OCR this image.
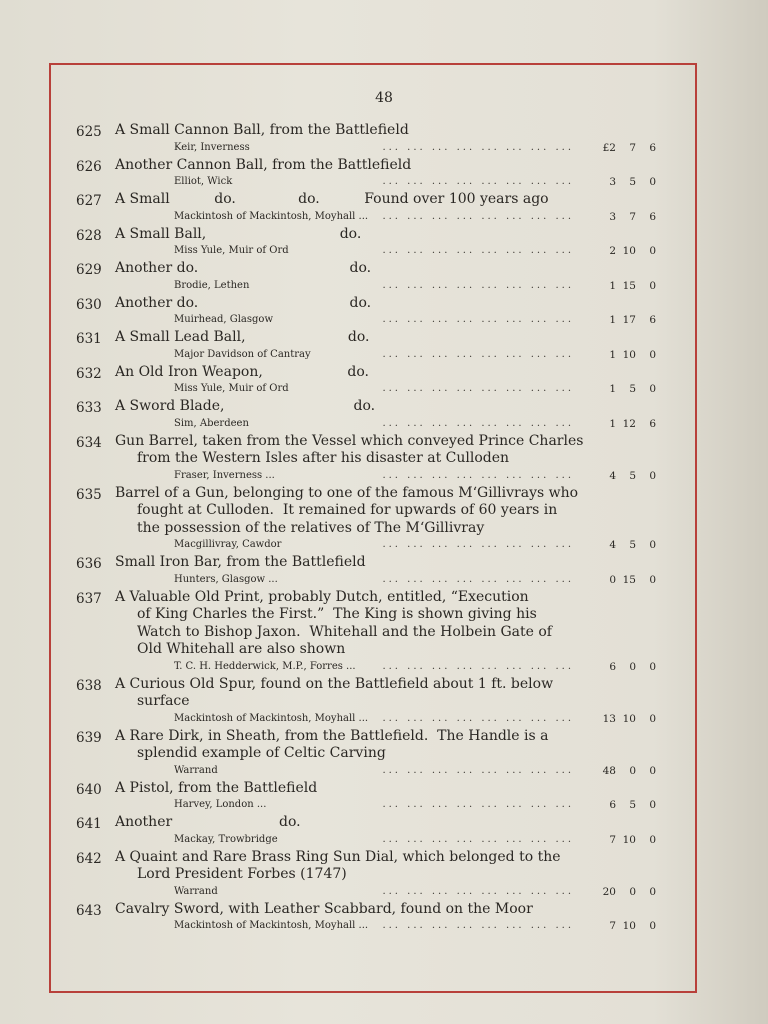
48
625 A Small Cannon Ball, from the Battlefield
Keir, Inverness	... ... ... ... ... ... ... ...	£2 7 6
626 Another Cannon Ball, from the Battlefield
Elliot, Wick	... ... ... ... ... ... ... ...	3 5 0
627 A Small          do.              do.          Found over 100 years ago
Mackintosh of Mackintosh, Moyhall ...	... ... ... ... ... ... ... ...	3 7 6
628 A Small Ball,                              do.
Miss Yule, Muir of Ord	... ... ... ... ... ... ... ...	2 10 0
629 Another do.                                  do.
Brodie, Lethen	... ... ... ... ... ... ... ...	1 15 0
630 Another do.                                  do.
Muirhead, Glasgow	... ... ... ... ... ... ... ...	1 17 6
631 A Small Lead Ball,                       do.
Major Davidson of Cantray	... ... ... ... ... ... ... ...	1 10 0
632 An Old Iron Weapon,                   do.
Miss Yule, Muir of Ord	... ... ... ... ... ... ... ...	1 5 0
633 A Sword Blade,                             do.
Sim, Aberdeen	... ... ... ... ... ... ... ...	1 12 6
634 Gun Barrel, taken from the Vessel which conveyed Prince Charles
from the Western Isles after his disaster at Culloden
Fraser, Inverness ...	... ... ... ... ... ... ... ...	4 5 0
635 Barrel of a Gun, belonging to one of the famous M‘Gillivrays who
fought at Culloden.  It remained for upwards of 60 years in
the possession of the relatives of The M‘Gillivray
Macgillivray, Cawdor	... ... ... ... ... ... ... ...	4 5 0
636 Small Iron Bar, from the Battlefield
Hunters, Glasgow ...	... ... ... ... ... ... ... ...	0 15 0
637 A Valuable Old Print, probably Dutch, entitled, “Execution
of King Charles the First.”  The King is shown giving his
Watch to Bishop Jaxon.  Whitehall and the Holbein Gate of
Old Whitehall are also shown
T. C. H. Hedderwick, M.P., Forres ...	... ... ... ... ... ... ... ...	6 0 0
638 A Curious Old Spur, found on the Battlefield about 1 ft. below
surface
Mackintosh of Mackintosh, Moyhall ...	... ... ... ... ... ... ... ...	13 10 0
639 A Rare Dirk, in Sheath, from the Battlefield.  The Handle is a
splendid example of Celtic Carving
Warrand	... ... ... ... ... ... ... ...	48 0 0
640 A Pistol, from the Battlefield
Harvey, London ...	... ... ... ... ... ... ... ...	6 5 0
641 Another                        do.
Mackay, Trowbridge	... ... ... ... ... ... ... ...	7 10 0
642 A Quaint and Rare Brass Ring Sun Dial, which belonged to the
Lord President Forbes (1747)
Warrand	... ... ... ... ... ... ... ...	20 0 0
643 Cavalry Sword, with Leather Scabbard, found on the Moor
Mackintosh of Mackintosh, Moyhall ...	... ... ... ... ... ... ... ...	7 10 0
